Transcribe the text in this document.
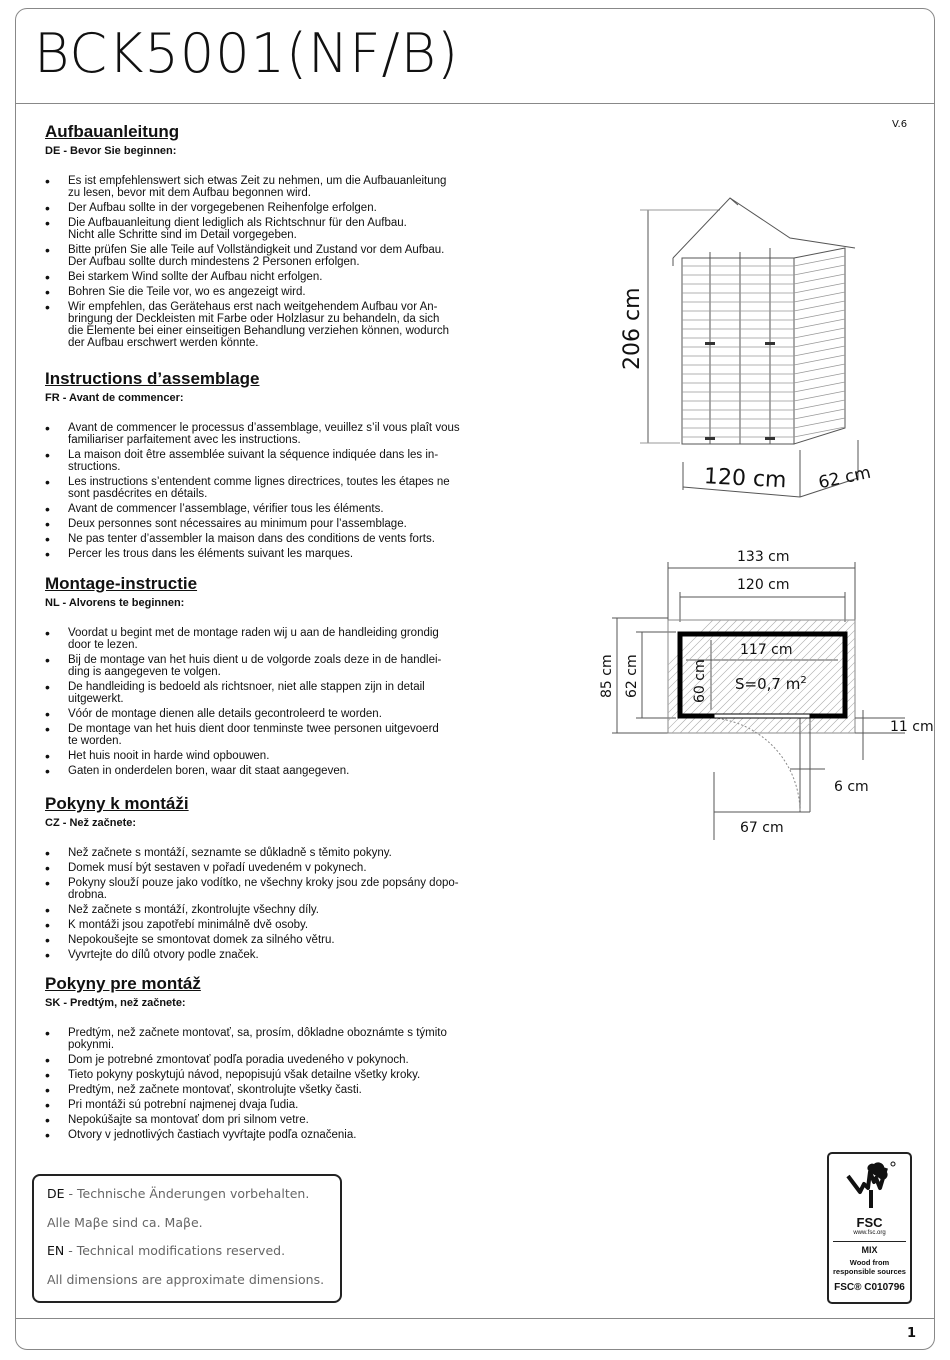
BCK5001(NF/B)
V.6
Aufbauanleitung
DE - Bevor Sie beginnen:
• Es ist empfehlenswert sich etwas Zeit zu nehmen, um die Aufbauanleitung
zu lesen, bevor mit dem Aufbau begonnen wird.
• Der Aufbau sollte in der vorgegebenen Reihenfolge erfolgen.
• Die Aufbauanleitung dient lediglich als Richtschnur für den Aufbau.
Nicht alle Schritte sind im Detail vorgegeben.
• Bitte prüfen Sie alle Teile auf Vollständigkeit und Zustand vor dem Aufbau.
Der Aufbau sollte durch mindestens 2 Personen erfolgen.
• Bei starkem Wind sollte der Aufbau nicht erfolgen.
• Bohren Sie die Teile vor, wo es angezeigt wird.
• Wir empfehlen, das Gerätehaus erst nach weitgehendem Aufbau vor An-
bringung der Deckleisten mit Farbe oder Holzlasur zu behandeln, da sich
die Elemente bei einer einseitigen Behandlung verziehen können, wodurch
der Aufbau erschwert werden könnte.
Instructions d’assemblage
FR - Avant de commencer:
• Avant de commencer le processus d’assemblage, veuillez s’il vous plaît vous
familiariser parfaitement avec les instructions.
• La maison doit être assemblée suivant la séquence indiquée dans les in-
structions.
• Les instructions s’entendent comme lignes directrices, toutes les étapes ne
sont pasdécrites en détails.
• Avant de commencer l’assemblage, vérifier tous les éléments.
• Deux personnes sont nécessaires au minimum pour l’assemblage.
• Ne pas tenter d’assembler la maison dans des conditions de vents forts.
• Percer les trous dans les éléments suivant les marques.
Montage-instructie
NL - Alvorens te beginnen:
• Voordat u begint met de montage raden wij u aan de handleiding grondig
door te lezen.
• Bij de montage van het huis dient u de volgorde zoals deze in de handlei-
ding is aangegeven te volgen.
• De handleiding is bedoeld als richtsnoer, niet alle stappen zijn in detail
uitgewerkt.
• Vóór de montage dienen alle details gecontroleerd te worden.
• De montage van het huis dient door tenminste twee personen uitgevoerd
te worden.
• Het huis nooit in harde wind opbouwen.
• Gaten in onderdelen boren, waar dit staat aangegeven.
Pokyny k montáži
CZ - Než začnete:
• Než začnete s montáží, seznamte se důkladně s těmito pokyny.
• Domek musí být sestaven v pořadí uvedeném v pokynech.
• Pokyny slouží pouze jako vodítko, ne všechny kroky jsou zde popsány dopo-
drobna.
• Než začnete s montáží, zkontrolujte všechny díly.
• K montáži jsou zapotřebí minimálně dvě osoby.
• Nepokoušejte se smontovat domek za silného větru.
• Vyvrtejte do dílů otvory podle značek.
Pokyny pre montáž
SK - Predtým, než začnete:
• Predtým, než začnete montovať, sa, prosím, dôkladne oboznámte s týmito
pokynmi.
• Dom je potrebné zmontovať podľa poradia uvedeného v pokynoch.
• Tieto pokyny poskytujú návod, nepopisujú však detailne všetky kroky.
• Predtým, než začnete montovať, skontrolujte všetky časti.
• Pri montáži sú potrební najmenej dvaja ľudia.
• Nepokúšajte sa montovať dom pri silnom vetre.
• Otvory v jednotlivých častiach vyvŕtajte podľa označenia.
206 cm
120 cm 62 cm
133 cm
120 cm
117 cm
85 cm 62 cm	60 cm S=0,7 $m^2$
11 cm
6 cm
67 cm
DE - Technische Änderungen vorbehalten.
Alle Maβe sind ca. Maβe.
EN - Technical modifications reserved.
All dimensions are approximate dimensions.
FSC
www.fsc.org
MIX
Wood from
responsible sources
FSC® C010796
1
